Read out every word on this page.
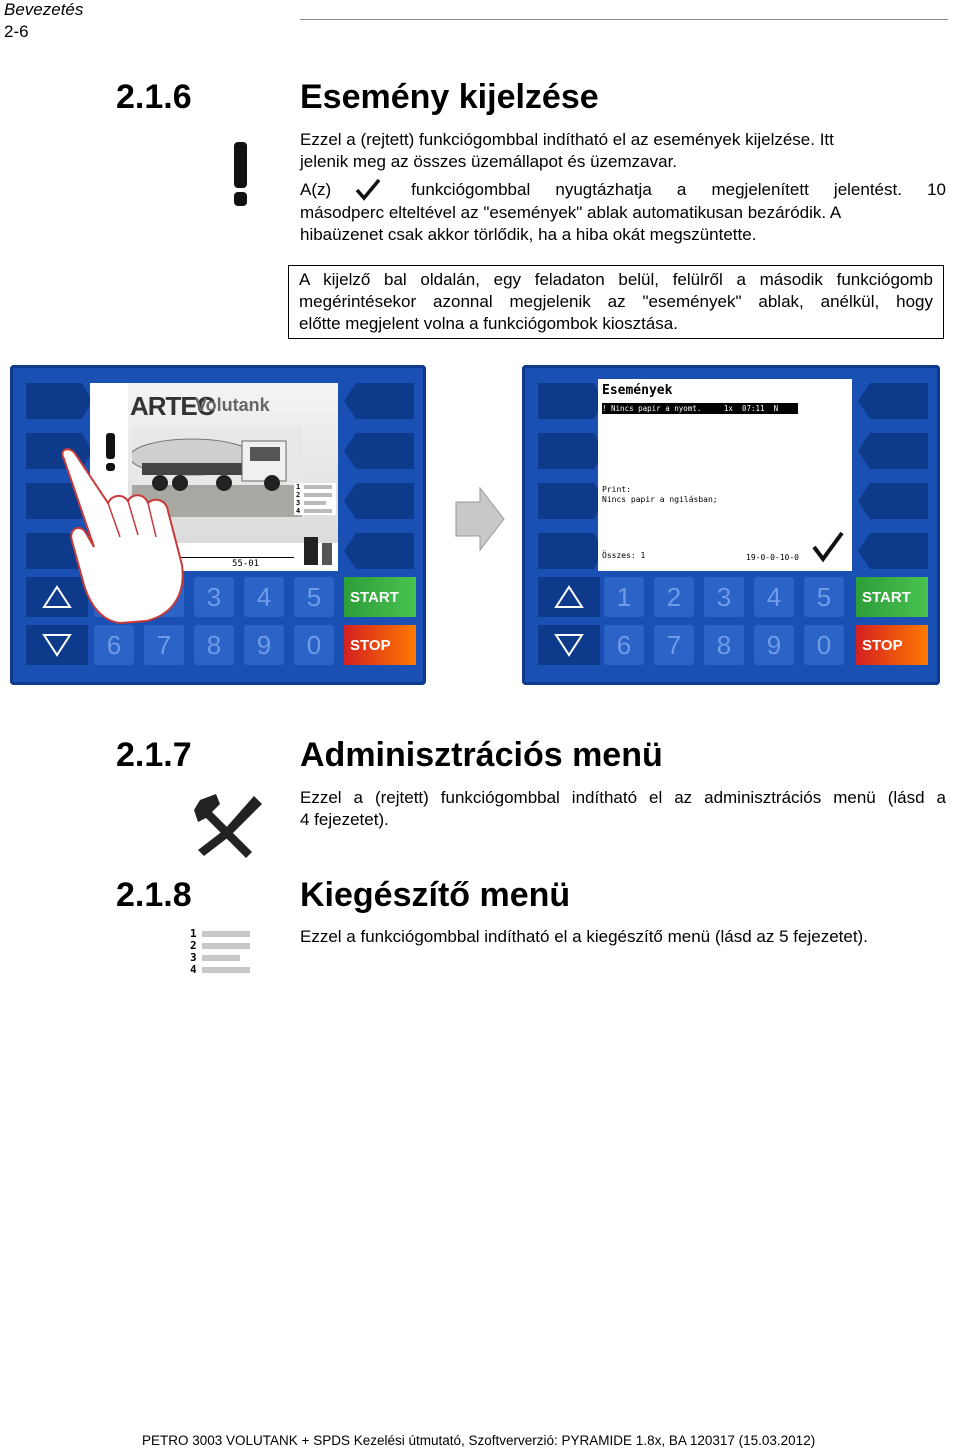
Bevezetés
2-6
2.1.6	Esemény kijelzése
Ezzel a (rejtett) funkciógombbal indítható el az események kijelzése. Itt
jelenik meg az összes üzemállapot és üzemzavar.
A(z)	funkciógombbal nyugtázhatja a megjelenített jelentést. 10
másodperc elteltével az "események" ablak automatikusan bezáródik. A
hibaüzenet csak akkor törlődik, ha a hiba okát megszüntette.
A kijelző bal oldalán, egy feladaton belül, felülről a második funkciógomb
megérintésekor azonnal megjelenik az "események" ablak, anélkül, hogy
előtte megjelent volna a funkciógombok kiosztása.
ARTEC
Volutank
1
2
3
4
55-01
3	4	5
6	7	8	9	0
START
STOP
Események
! Nincs papir a nyomt.     1x  07:11  N
Print:
Nincs papir a ngilásban;
Összes: 1	19-0-0-10-0
1	2	3	4	5
6	7	8	9	0
START
STOP
2.1.7	Adminisztrációs menü
Ezzel a (rejtett) funkciógombbal indítható el az adminisztrációs menü (lásd a
4 fejezetet).
2.1.8	Kiegészítő menü
1
2
3
4
Ezzel a funkciógombbal indítható el a kiegészítő menü (lásd az 5 fejezetet).
PETRO 3003 VOLUTANK + SPDS Kezelési útmutató, Szoftververzió: PYRAMIDE 1.8x, BA 120317 (15.03.2012)
